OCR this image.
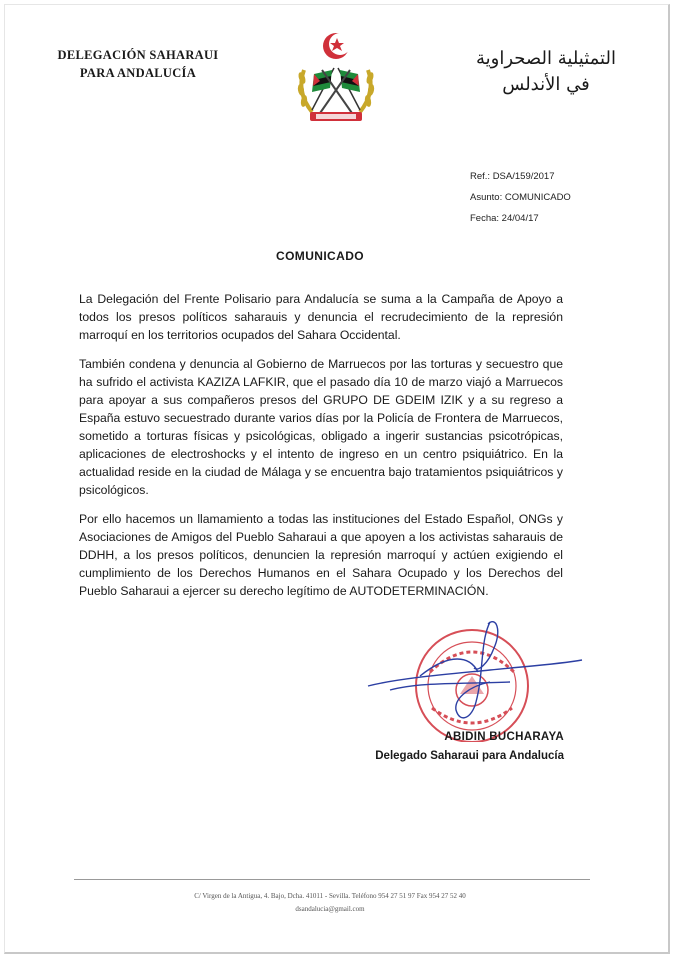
DELEGACIÓN SAHARAUI
PARA ANDALUCÍA
التمثيلية الصحراوية
في الأندلس
Ref.: DSA/159/2017
Asunto: COMUNICADO
Fecha: 24/04/17
COMUNICADO

La Delegación del Frente Polisario para Andalucía se suma a la Campaña de Apoyo a todos los presos políticos saharauis y denuncia el recrudecimiento de la represión marroquí en los territorios ocupados del Sahara Occidental.

También condena y denuncia al Gobierno de Marruecos por las torturas y secuestro que ha sufrido el activista KAZIZA LAFKIR, que el pasado día 10 de marzo viajó a Marruecos para apoyar a sus compañeros presos del GRUPO DE GDEIM IZIK y a su regreso a España estuvo secuestrado durante varios días por la Policía de Frontera de Marruecos, sometido a torturas físicas y psicológicas, obligado a ingerir sustancias psicotrópicas, aplicaciones de electroshocks y el intento de ingreso en un centro psiquiátrico. En la actualidad reside en la ciudad de Málaga y se encuentra bajo tratamientos psiquiátricos y psicológicos.

Por ello hacemos un llamamiento a todas las instituciones del Estado Español, ONGs y Asociaciones de Amigos del Pueblo Saharaui a que apoyen a los activistas saharauis de DDHH, a los presos políticos, denuncien la represión marroquí y actúen exigiendo el cumplimiento de los Derechos Humanos en el Sahara Ocupado y los Derechos del Pueblo Saharaui a ejercer su derecho legítimo de AUTODETERMINACIÓN.

ABIDIN BUCHARAYA
Delegado Saharaui para Andalucía
C/ Virgen de la Antigua, 4. Bajo, Dcha. 41011 - Sevilla. Teléfono 954 27 51 97 Fax 954 27 52 40
dsandalucia@gmail.com
